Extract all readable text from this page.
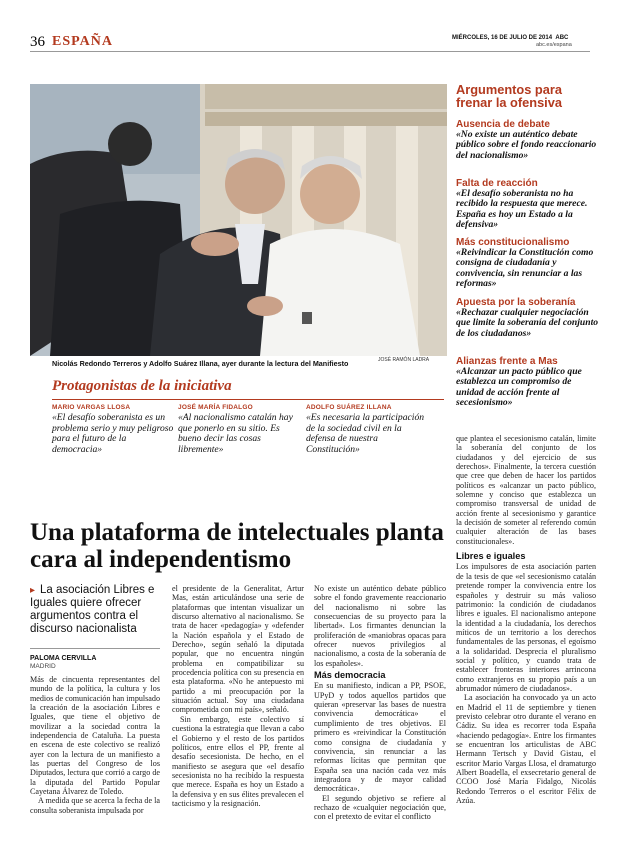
36 ESPAÑA	MIÉRCOLES, 16 DE JULIO DE 2014 ABC
abc.es/espana
Nicolás Redondo Terreros y Adolfo Suárez Illana, ayer durante la lectura del Manifiesto	JOSÉ RAMÓN LADRA
Protagonistas de la iniciativa
MARIO VARGAS LLOSA
«El desafío soberanista es un problema serio y muy peligroso para el futuro de la democracia»
JOSÉ MARÍA FIDALGO
«Al nacionalismo catalán hay que ponerlo en su sitio. Es bueno decir las cosas libremente»
ADOLFO SUÁREZ ILLANA
«Es necesaria la participación de la sociedad civil en la defensa de nuestra Constitución»
Argumentos para frenar la ofensiva
Ausencia de debate
«No existe un auténtico debate público sobre el fondo reaccionario del nacionalismo»
Falta de reacción
«El desafío soberanista no ha recibido la respuesta que merece. España es hoy un Estado a la defensiva»
Más constitucionalismo
«Reivindicar la Constitución como consigna de ciudadanía y convivencia, sin renunciar a las reformas»
Apuesta por la soberanía
«Rechazar cualquier negociación que limite la soberanía del conjunto de los ciudadanos»
Alianzas frente a Mas
«Alcanzar un pacto público que establezca un compromiso de unidad de acción frente al secesionismo»
Una plataforma de intelectuales planta cara al independentismo
▸ La asociación Libres e Iguales quiere ofrecer argumentos contra el discurso nacionalista
PALOMA CERVILLA
MADRID

Más de cincuenta representantes del mundo de la política, la cultura y los medios de comunicación han impulsado la creación de la asociación Libres e Iguales, que tiene el objetivo de movilizar a la sociedad contra la independencia de Cataluña. La puesta en escena de este colectivo se realizó ayer con la lectura de un manifiesto a las puertas del Congreso de los Diputados, lectura que corrió a cargo de la diputada del Partido Popular Cayetana Álvarez de Toledo.

A medida que se acerca la fecha de la consulta soberanista impulsada por

el presidente de la Generalitat, Artur Mas, están articulándose una serie de plataformas que intentan visualizar un discurso alternativo al nacionalismo. Se trata de hacer «pedagogía» y «defender la Nación española y el Estado de Derecho», según señaló la diputada popular, que no encuentra ningún problema en compatibilizar su procedencia política con su presencia en esta plataforma. «No he antepuesto mi partido a mi preocupación por la situación actual. Soy una ciudadana comprometida con mi país», señaló.

Sin embargo, este colectivo sí cuestiona la estrategia que llevan a cabo el Gobierno y el resto de los partidos políticos, entre ellos el PP, frente al desafío secesionista. De hecho, en el manifiesto se asegura que «el desafío secesionista no ha recibido la respuesta que merece. España es hoy un Estado a la defensiva y en sus élites prevalecen el tacticismo y la resignación.

No existe un auténtico debate público sobre el fondo gravemente reaccionario del nacionalismo ni sobre las consecuencias de su proyecto para la libertad». Los firmantes denuncian la proliferación de «maniobras opacas para ofrecer nuevos privilegios al nacionalismo, a costa de la soberanía de los españoles».

Más democracia

En su manifiesto, indican a PP, PSOE, UPyD y todos aquellos partidos que quieran «preservar las bases de nuestra convivencia democrática» el cumplimiento de tres objetivos. El primero es «reivindicar la Constitución como consigna de ciudadanía y convivencia, sin renunciar a las reformas lícitas que permitan que España sea una nación cada vez más integradora y de mayor calidad democrática».

El segundo objetivo se refiere al rechazo de «cualquier negociación que, con el pretexto de evitar el conflicto

que plantea el secesionismo catalán, limite la soberanía del conjunto de los ciudadanos y del ejercicio de sus derechos». Finalmente, la tercera cuestión que cree que deben de hacer los partidos políticos es «alcanzar un pacto público, solemne y conciso que establezca un compromiso transversal de unidad de acción frente al secesionismo y garantice la decisión de someter al referendo común cualquier alteración de las bases constitucionales».

Libres e iguales

Los impulsores de esta asociación parten de la tesis de que «el secesionismo catalán pretende romper la convivencia entre los españoles y destruir su más valioso patrimonio: la condición de ciudadanos libres e iguales. El nacionalismo antepone la identidad a la ciudadanía, los derechos míticos de un territorio a los derechos fundamentales de las personas, el egoísmo a la solidaridad. Desprecia el pluralismo social y político, y cuando trata de establecer fronteras interiores arrincona como extranjeros en su propio país a un abrumador número de ciudadanos».

La asociación ha convocado ya un acto en Madrid el 11 de septiembre y tienen previsto celebrar otro durante el verano en Cádiz. Su idea es recorrer toda España «haciendo pedagogía». Entre los firmantes se encuentran los articulistas de ABC Hermann Tertsch y David Gistau, el escritor Mario Vargas Llosa, el dramaturgo Albert Boadella, el exsecretario general de CCOO José María Fidalgo, Nicolás Redondo Terreros o el escritor Félix de Azúa.
